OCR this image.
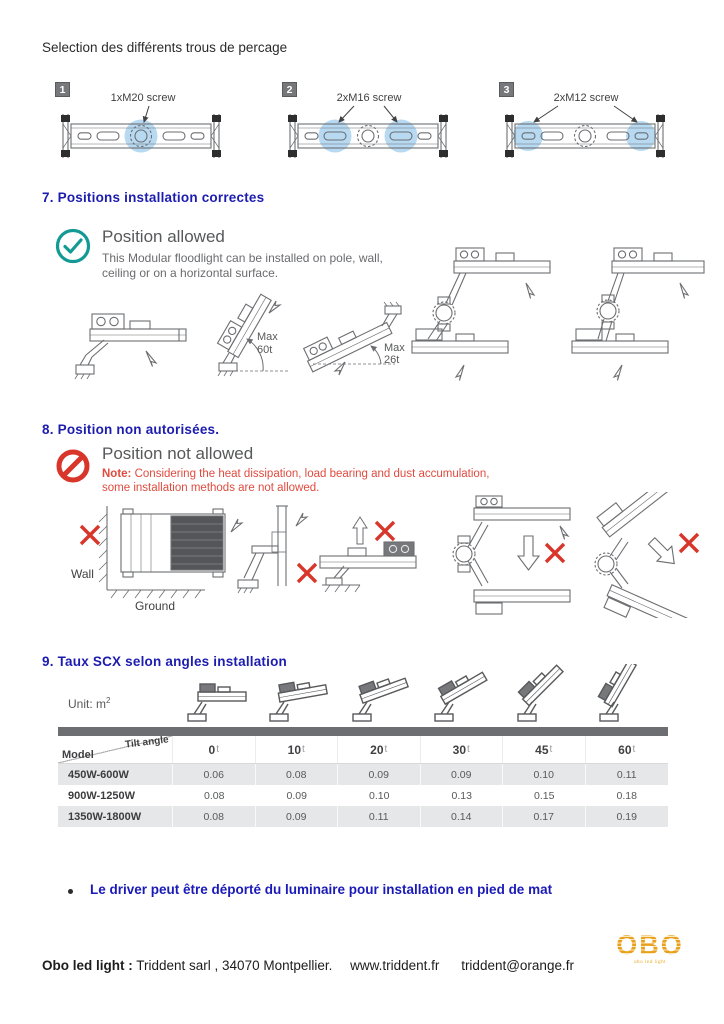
Selection des différents trous de percage
1
1xM20 screw
2
2xM16 screw
3
2xM12 screw
7. Positions installation correctes
Position allowed
This Modular floodlight can be installed on pole, wall,
ceiling or on a horizontal surface.
Max
60t	Max
26t
8. Position non autorisées.
Position not allowed
Note: Considering the heat dissipation, load bearing and dust accumulation,
some installation methods are not allowed.
Wall
Ground
9. Taux SCX selon angles installation
Unit: $m^2$
Tilt angle
Model	0 t	10 t	20 t	30 t	45 t	60 t
450W-600W	0.06	0.08	0.09	0.09	0.10	0.11
900W-1250W	0.08	0.09	0.10	0.13	0.15	0.18
1350W-1800W	0.08	0.09	0.11	0.14	0.17	0.19
Le driver peut être déporté du luminaire pour installation en pied de mat
Obo led light : Triddent sarl , 34070 Montpellier. www.triddent.fr triddent@orange.fr
OBO
obo led light
